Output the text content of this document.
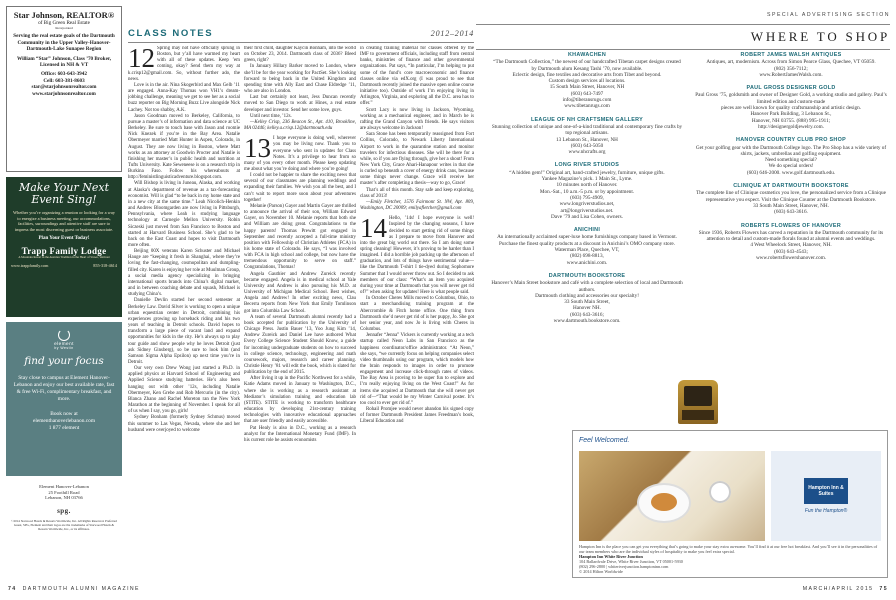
Star Johnson, REALTOR®
of Big Green Real Estate
Incorporated

Serving the real estate goals of the Dartmouth Community in the Upper Valley-Hanover-Dartmouth-Lake Sunapee Region

William “Star” Johnson, Class ’70 Broker, Licensed in NH & VT

Office: 603-643-3942

Cell: 603-381-8603

star@starjohnsonrealtor.com

www.starjohnsonrealtor.com

Make Your Next Event Sing!
Whether you’re organizing a reunion or looking for a way to energize a business meeting, our accommodations, facilities, surroundings and attentive staff are sure to impress the most discerning guest or business associate.
Plan Your Event Today!
Trapp Family Lodge
A Mountain Resort in the Austrian Tradition in the Heart of Stowe, Vermont
www.trappfamily.com	855-318-4614
element
by Westin
find your focus
Stay close to campus at Element Hanover-Lebanon and enjoy our best available rate, fast & free Wi-Fi, complimentary breakfast, and more.
Book now at
elementhanoverlebanon.com
1 877 element
Element Hanover-Lebanon
25 Foothill Road
Lebanon, NH 03766
spg.
©2014 Starwood Hotels & Resorts Worldwide, Inc. All Rights Reserved. Preferred Guest, SPG, Element and their logos are the trademarks of Starwood Hotels & Resorts Worldwide, Inc., or its affiliates.
CLASS NOTES	2012–2014

12 Spring may not have officially sprung in Boston, but y’all have warmed my heart with all of these updates. Keep ’em coming, okay? Send them my way at k.crisp12@gmail.com. So, without further ado, the news.

Love is in the air. Nina Skogerbird and Max Gelb ’11 are engaged. Anna-Kay Thomas won VH1’s dream-jobbing challenge, meaning we get to see her as a social buzz reporter on Big Morning Buzz Live alongside Nick Lachey. Not too shabby, A.K.

Jason Goodman moved to Berkeley, California, to pursue a master’s of information and data science at UC Berkeley. Be sure to touch base with Jason and roomie Nick Knezek if you’re in the Bay Area. Natalie Obermeyer married Matt Hunter in Aspen, Colorado, in August. They are now living in Boston, where Matt works as an attorney at Goodwin Procter and Natalie is finishing her master’s in public health and nutrition at Tufts University. Kate Seweneese is on a research trip in Burkina Faso. Follow his whereabouts at http://feministlinguisticadventure.blogspot.com.

Will Bishop is living in Juneau, Alaska, and working at Alaska’s department of revenue as a tax-forecasting economist. Will is glad “to be back in my home state and in a new city at the same time.” Leah Nicolich-Henkin and Andrew Bloomgarden are now living in Pittsburgh, Pennsylvania, where Leah is studying language technology at Carnegie Mellon University. Robin Siczeski just moved from San Francisco to Boston and started at Harvard Business School. She’s glad to be back on the East Coast and hopes to visit Dartmouth more often.

Beijing 00X veterans Karen Schuster and Michael Hauge are “keeping it fresh in Shanghai, where they’re loving the fast-changing, cosmopolitan and dumpling-filled city. Karen is enjoying her role at Muulman Group, a social media agency specializing in bringing international sports brands into China’s digital market, and in between coaching debate and squash, Michael is studying China’s.

Danielle Devlin started her second semester at Berkeley Law. David Silver is working to open a unique urban equestrian center in Detroit, combining his experiences growing up horseback riding and his two years of teaching in Detroit schools. David hopes to transform a large piece of vacant land and expand opportunities for kids in the city. He’s always up to play tour guide and show people why he loves Detroit (just ask Sidney Ginsberg), so be sure to look him (and Samson Sigma Alpha Epsilon) up next time you’re in Detroit.

Our very own Drew Wong just started a Ph.D. in applied physics at Harvard School of Engineering and Applied Science studying batteries. He’s also been hanging out with other ’12s, including Natalie Obermeyer, Ken Grebe and Rob Mercurio (in the city). Blanca Zhano and Rachel Moreton ran the New York Marathon at the beginning of November. I speak for all of us when I say, you go, girls!

Sydney Bonham (formerly Sydney Schmus) moved this summer to Las Vegas, Nevada, where she and her husband were overjoyed to welcome

their first child, daughter Kaycin Bonham, into the world on October 23, 2014. Dartmouth class of 2036? Bleed green, right?

In January Hillary Barker moved to London, where she’ll be for the year working for PactSet. She’s looking forward to being back in the United Kingdom and spending time with Ally East and Chase Eldredge ’11, who are also in London.

Last but certainly not least, Jess Duncan recently moved to San Diego to work at Hines, a real estate developer and investor. Send her some love, guys.

Until next time, ’12s.

—Kelley Crisp, 236 Beacon St., Apt. 410, Brookline, MA 02446; kelley.a.crisp.12@dartmouth.edu

13 I hope everyone is doing well, wherever you may be living now. Thank you to everyone who sent in updates for Class Notes. It’s a privilege to hear from so many of you every other month. Please keep updating me about what you’re doing and where you’re going!

I could not be happier to share the exciting news that several of our classmates are planning weddings and expanding their families. We wish you all the best, and I can’t wait to report more soon about your adventures together!

Melanie (Parson) Gayer and Martin Gayer are thrilled to announce the arrival of their son, William Edward Gayer, on November 10. Melanie reports that both she and William are doing great. Congratulations to the happy parents! Thomas Prewitt got engaged in September and recently accepted a full-time ministry position with Fellowship of Christian Athletes (FCA) in his home state of Colorado. He says, “I was involved with FCA in high school and college, but now have the tremendous opportunity to serve on staff.” Congratulations, Thomas!

Angela Gauthier and Andrew Zureick recently became engaged. Angela is in medical school at Yale University and Andrew is also pursuing his M.D. at University of Michigan Medical School. Best wishes, Angela and Andrew! In other exciting news, Clau Becerra reports from New York that Emily Tomlinson got into Columbia Law School.

A team of several Dartmouth alumni recently had a book accepted for publication by the University of Chicago Press. Justin Bauer ’13, Yoo Jung Kim ’14, Andrew Zureick and Daniel Lee have authored What Every College Science Student Should Know, a guide for incoming undergraduate students on how to succeed in college science, technology, engineering and math coursework, majors, research and career planning. Christie Henry ’81 will edit the book, which is slated for publication by the end of 2015.

After living it up in the Pacific Northwest for a while, Katie Adams moved in January to Washington, D.C., where she is working as a research assistant at Mediator’s simulation training and education lab (STITE). STITE is working to transform healthcare education by developing 21st-century training technologies with innovative educational approaches that are user friendly and easily accessible.

Pat Healy is also in D.C., working as a research analyst for the International Monetary Fund (IMF). In his current role he assists economists

in creating training material for classes offered by the IMF to government officials, including staff from central banks, ministries of finance and other governmental organizations. Pat says, “In particular, I’m helping to put some of the fund’s core macroeconomic and finance classes online via edX.org (I was proud to see that Dartmouth recently joined the massive open online course initiative too). Outside of work I’m enjoying living in Arlington, Virginia, and exploring all the D.C. area has to offer.”

Scott Lacy is now living in Jackson, Wyoming, working as a mechanical engineer, and in March he is rafting the Grand Canyon with friends. He says visitors are always welcome in Jackson!

Sara Stone has been temporarily reassigned from Fort Collins, Colorado, to Newark Liberty International Airport to work in the quarantine station and monitor travelers for infectious diseases. She will be there for a while, so if you are flying through, give her a shout! From New York City, Grace Ahari-Hanapour writes in that she is curled up beneath a cover of energy drink cans, because some things never change. Grace will receive her master’s after completing a thesis—way to go, Grace!

That’s all of this month. Stay safe and keep exploring, class of 2013!

—Emily Fletcher, 1576 Fairmont St. NW, Apt. 809, Washington, DC 20009; emilyafletcher@gmail.com

14 Hello, ’14s! I hope everyone is well! Inspired by the changing seasons, I have decided to start getting rid of some things as I prepare to move from Hanover and into the great big world out there. So I am doing some spring cleaning! However, it’s proving to be harder than I imagined. I did a horrible job packing up the afternoon of graduation, and lots of things have sentimental value—like the Dartmouth T-shirt I tie-dyed during Sophomore Summer that I would never throw out. So I decided to ask members of our class: “What’s an item you acquired during your time at Dartmouth that you will never get rid of?” when asking for updates! Here is what people said.

In October Cheres Mills moved to Columbus, Ohio, to start a merchandising training program at the Abercrombie & Fitch home office. One thing from Dartmouth she’d never get rid of is her puppy, Jo. She got her senior year, and now Jo is living with Cheres in Columbus.

Jennafer “Jenna” Vickers is currently working at a tech startup called Neon Labs in San Francisco as the happiness coordinator/office administrator. “At Neon,” she says, “we currently focus on helping companies select video thumbnails using our program, which models how the brain responds to images in order to promote engagement and increase click-through rates of videos. The Bay Area is proving to be super fun to explore and I’m really enjoying living on the West Coast!” As for items she acquired at Dartmouth that she will never get rid of—“That would be my Winter Carnival poster. It’s too cool to ever get rid of.”

Rohail Promjee would never abandon his signed copy of former Dartmouth President James Freedman’s book, Liberal Education and

SPECIAL ADVERTISING SECTION
WHERE TO SHOP
KHAWACHEN
“The Dartmouth Collection,” the newest of our handcrafted Tibetan carpet designs created by Dartmouth alum Kesang Tashi ’70, now available.
Eclectic design, fine textiles and decorative arts from Tibet and beyond.
Custom design services all locations.
15 South Main Street, Hanover, NH
(603) 643-7497
info@tiberansrugs.com
www.tibetanrugs.com
LEAGUE OF NH CRAFTSMEN GALLERY
Stunning collection of unique and one-of-a-kind traditional and contemporary fine crafts by top regional artisans.
13 Lebanon St., Hanover, NH
(603) 643-5050
www.nhcrafts.org
LONG RIVER STUDIOS
“A hidden gem!” Original art, hand-crafted jewelry, furniture, unique gifts.
Yankee Magazine’s pick. 1 Main St., Lyme.
10 minutes north of Hanover.
Mon.-Sat., 10 a.m.-5 p.m. or by appointment.
(603) 795-4909,
www.longriverstudios.net,
art@longriverstudios.net.
Dave ’79 and Lisa Cohen, owners.
ANICHINI
An internationally acclaimed super-luxe home furnishings company based in Vermont.
Purchase the finest quality products at a discount in Anichini’s OMO company store.
Waterman Place, Quechee, VT,
(802) 698-8813,
www.anichini.com.
DARTMOUTH BOOKSTORE
Hanover’s Main Street bookstore and café with a complete selection of local and Dartmouth authors.
Dartmouth clothing and accessories our specialty!
33 South Main Street,
Hanover NH.
(603) 643-3616;
www.dartmouth.bookstore.com.
ROBERT JAMES WALSH ANTIQUES
Antiques, art, modernism. Across from Simon Pearce Glass, Quechee, VT 05059.
(802) 356-7112;
www.RobertJamesWalsh.com.
PAUL GROSS DESIGNER GOLD
Paul Gross ’75, goldsmith and owner of Designer Gold, a working studio and gallery. Paul’s limited edition and custom-made
pieces are well known for quality craftsmanship and artistic design.
Hanover Park Building, 3 Lebanon St.,
Hanover, NH 03755. (888) 995-1911;
http://designergoldjewelry.com.
HANOVER COUNTRY CLUB PRO SHOP
Get your golfing gear with the Dartmouth College logo. The Pro Shop has a wide variety of shirts, jackets, umbrellas and golfing equipment.
Need something special?
We do special orders!
(603) 646-2000. www.golf.dartmouth.edu.
CLINIQUE AT DARTMOUTH BOOKSTORE
The complete line of Clinique cosmetics you love, the personalized service from a Clinique representative you expect. Visit the Clinique Counter at the Dartmouth Bookstore.
33 South Main Street, Hanover, NH.
(603) 643-3616.
ROBERTS FLOWERS OF HANOVER
Since 1936, Roberts Flowers has carved a reputation in the Dartmouth community for its attention to detail and custom-made florals found at alumni events and weddings.
4 West Wheelock Street, Hanover, NH.
(603) 643-4543;
www.robertsflowershanover.com.
Feel Welcomed.
Hampton Inn & Suites
Fun the Hampton®
Hampton Inn is the place you can get you everything that’s going to make your stay extra awesome. You’ll find it at our free hot breakfast. And you’ll see it in the personalities of our team members who are the individual styles of hospitality to make you feel extra special.
Hampton Inn White River Junction
104 Ballardvale Drive, White River Junction, VT 05001-5930
(802) 296-2800 | whiteriverjunction.hamptoninn.com
© 2014 Hilton Worldwide
74 DARTMOUTH ALUMNI MAGAZINE	MARCH/APRIL 2015 75
